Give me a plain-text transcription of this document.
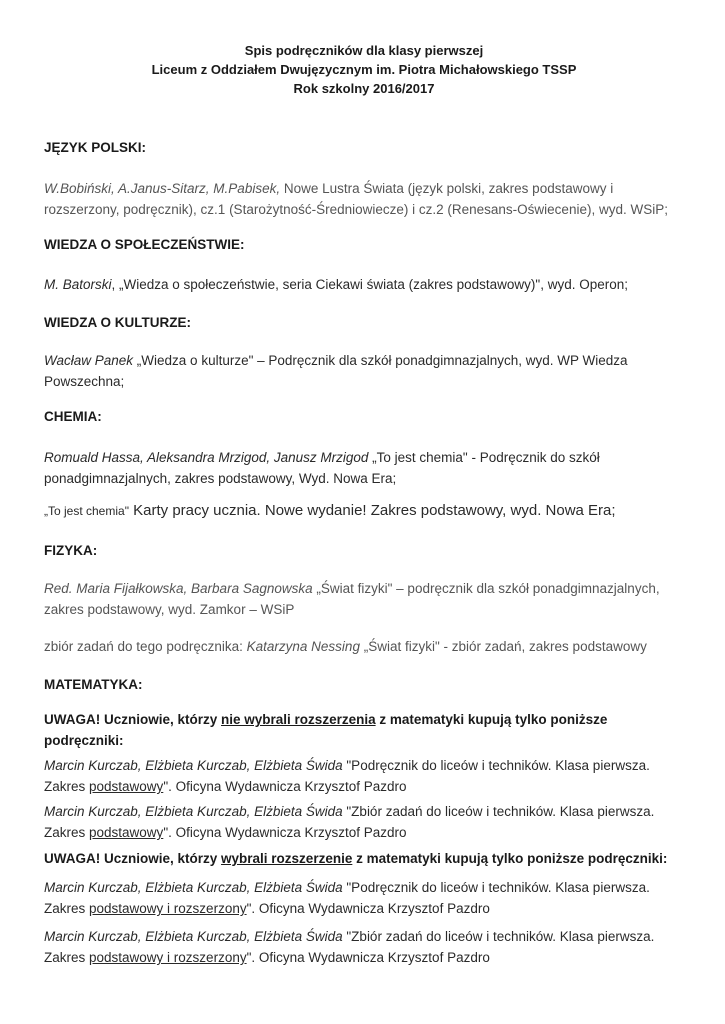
Spis podręczników dla klasy pierwszej
Liceum z Oddziałem Dwujęzycznym im. Piotra Michałowskiego TSSP
Rok szkolny 2016/2017

JĘZYK POLSKI:

W.Bobiński, A.Janus-Sitarz, M.Pabisek, Nowe Lustra Świata (język polski, zakres podstawowy i rozszerzony, podręcznik), cz.1 (Starożytność-Średniowiecze) i cz.2 (Renesans-Oświecenie), wyd. WSiP;

WIEDZA O SPOŁECZEŃSTWIE:

M. Batorski, „Wiedza o społeczeństwie, seria Ciekawi świata (zakres podstawowy)", wyd. Operon;

WIEDZA O KULTURZE:

Wacław Panek „Wiedza o kulturze" – Podręcznik dla szkół ponadgimnazjalnych, wyd. WP Wiedza Powszechna;

CHEMIA:

Romuald Hassa, Aleksandra Mrzigod, Janusz Mrzigod „To jest chemia" - Podręcznik do szkół ponadgimnazjalnych, zakres podstawowy, Wyd. Nowa Era;

„To jest chemia" Karty pracy ucznia. Nowe wydanie! Zakres podstawowy, wyd. Nowa Era;

FIZYKA:

Red. Maria Fijałkowska, Barbara Sagnowska „Świat fizyki" – podręcznik dla szkół ponadgimnazjalnych, zakres podstawowy, wyd. Zamkor – WSiP

zbiór zadań do tego podręcznika: Katarzyna Nessing „Świat fizyki" - zbiór zadań, zakres podstawowy

MATEMATYKA:

UWAGA! Uczniowie, którzy nie wybrali rozszerzenia z matematyki kupują tylko poniższe podręczniki:

Marcin Kurczab, Elżbieta Kurczab, Elżbieta Świda "Podręcznik do liceów i techników. Klasa pierwsza. Zakres podstawowy". Oficyna Wydawnicza Krzysztof Pazdro

Marcin Kurczab, Elżbieta Kurczab, Elżbieta Świda "Zbiór zadań do liceów i techników. Klasa pierwsza. Zakres podstawowy". Oficyna Wydawnicza Krzysztof Pazdro

UWAGA! Uczniowie, którzy wybrali rozszerzenie z matematyki kupują tylko poniższe podręczniki:

Marcin Kurczab, Elżbieta Kurczab, Elżbieta Świda "Podręcznik do liceów i techników. Klasa pierwsza. Zakres podstawowy i rozszerzony". Oficyna Wydawnicza Krzysztof Pazdro

Marcin Kurczab, Elżbieta Kurczab, Elżbieta Świda "Zbiór zadań do liceów i techników. Klasa pierwsza. Zakres podstawowy i rozszerzony". Oficyna Wydawnicza Krzysztof Pazdro
